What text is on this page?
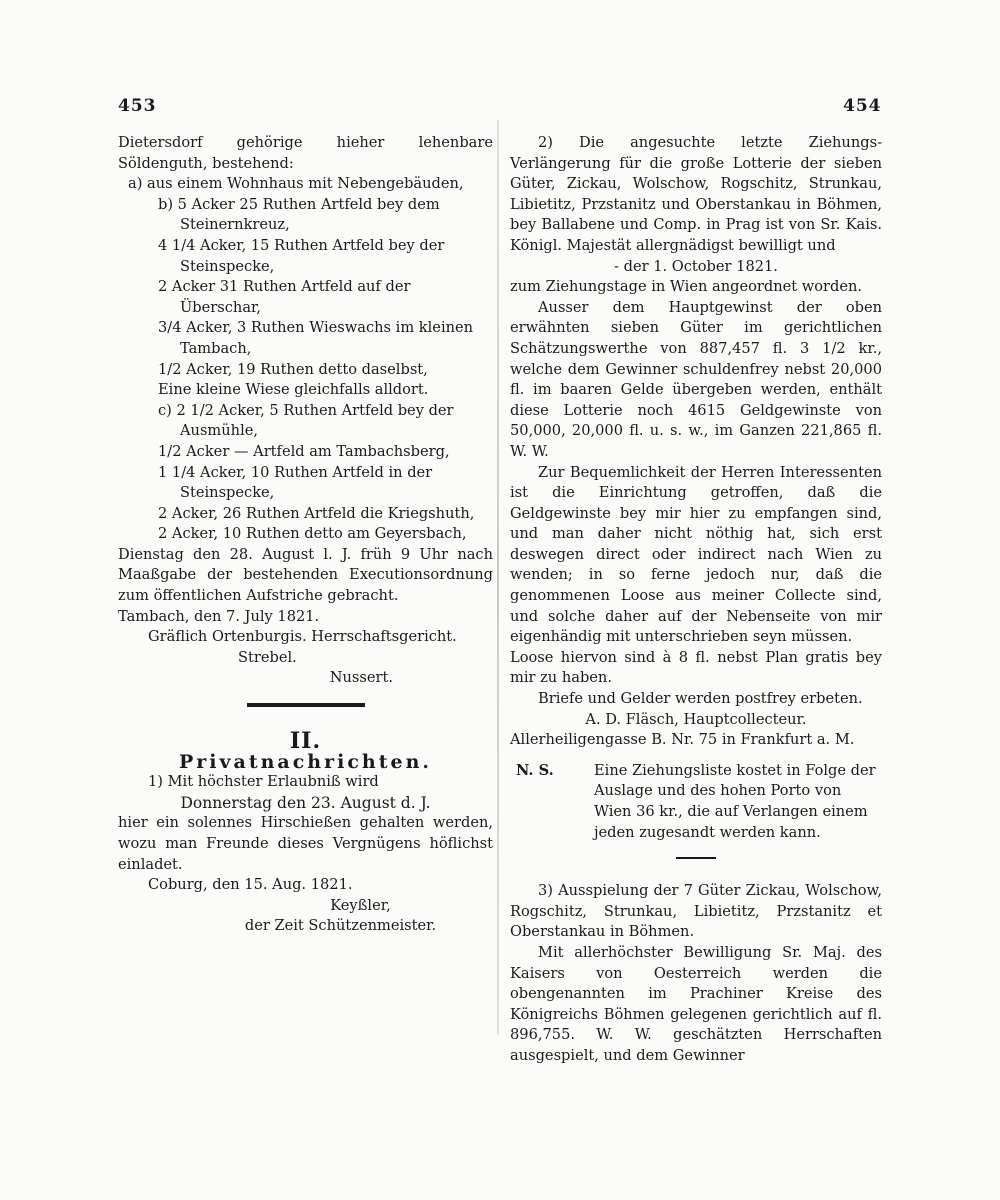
453	454

Dietersdorf gehörige hieher lehenbare Söldenguth, bestehend:

a) aus einem Wohnhaus mit Nebengebäuden,

b) 5 Acker 25 Ruthen Artfeld bey dem Steinernkreuz,

4 1/4 Acker, 15 Ruthen Artfeld bey der Steinspecke,

2 Acker 31 Ruthen Artfeld auf der Überschar,

3/4 Acker, 3 Ruthen Wieswachs im kleinen Tambach,

1/2 Acker, 19 Ruthen detto daselbst,

Eine kleine Wiese gleichfalls alldort.

c) 2 1/2 Acker, 5 Ruthen Artfeld bey der Ausmühle,

1/2 Acker — Artfeld am Tambachsberg,

1 1/4 Acker, 10 Ruthen Artfeld in der Steinspecke,

2 Acker, 26 Ruthen Artfeld die Kriegshuth,

2 Acker, 10 Ruthen detto am Geyersbach,

Dienstag den 28. August l. J. früh 9 Uhr nach Maaßgabe der bestehenden Executionsordnung zum öffentlichen Aufstriche gebracht.

Tambach, den 7. July 1821.

Gräflich Ortenburgis. Herrschaftsgericht.

Strebel.

Nussert.

II.

Privatnachrichten.

1) Mit höchster Erlaubniß wird

Donnerstag den 23. August d. J.

hier ein solennes Hirschießen gehalten werden, wozu man Freunde dieses Vergnügens höflichst einladet.

Coburg, den 15. Aug. 1821.

Keyßler,

der Zeit Schützenmeister.

2) Die angesuchte letzte Ziehungs-Verlängerung für die große Lotterie der sieben Güter, Zickau, Wolschow, Rogschitz, Strunkau, Libietitz, Przstanitz und Oberstankau in Böhmen, bey Ballabene und Comp. in Prag ist von Sr. Kais. Königl. Majestät allergnädigst bewilligt und

- der 1. October 1821.

zum Ziehungstage in Wien angeordnet worden.

Ausser dem Hauptgewinst der oben erwähnten sieben Güter im gerichtlichen Schätzungswerthe von 887,457 fl. 3 1/2 kr., welche dem Gewinner schuldenfrey nebst 20,000 fl. im baaren Gelde übergeben werden, enthält diese Lotterie noch 4615 Geldgewinste von 50,000, 20,000 fl. u. s. w., im Ganzen 221,865 fl. W. W.

Zur Bequemlichkeit der Herren Interessenten ist die Einrichtung getroffen, daß die Geldgewinste bey mir hier zu empfangen sind, und man daher nicht nöthig hat, sich erst deswegen direct oder indirect nach Wien zu wenden; in so ferne jedoch nur, daß die genommenen Loose aus meiner Collecte sind, und solche daher auf der Nebenseite von mir eigenhändig mit unterschrieben seyn müssen.

Loose hiervon sind à 8 fl. nebst Plan gratis bey mir zu haben.

Briefe und Gelder werden postfrey erbeten.

A. D. Fläsch, Hauptcollecteur.

Allerheiligengasse B. Nr. 75 in Frankfurt a. M.

N. S.	Eine Ziehungsliste kostet in Folge der Auslage und des hohen Porto von Wien 36 kr., die auf Verlangen einem jeden zugesandt werden kann.

3) Ausspielung der 7 Güter Zickau, Wolschow, Rogschitz, Strunkau, Libietitz, Przstanitz et Oberstankau in Böhmen.

Mit allerhöchster Bewilligung Sr. Maj. des Kaisers von Oesterreich werden die obengenannten im Prachiner Kreise des Königreichs Böhmen gelegenen gerichtlich auf fl. 896,755. W. W. geschätzten Herrschaften ausgespielt, und dem Gewinner
